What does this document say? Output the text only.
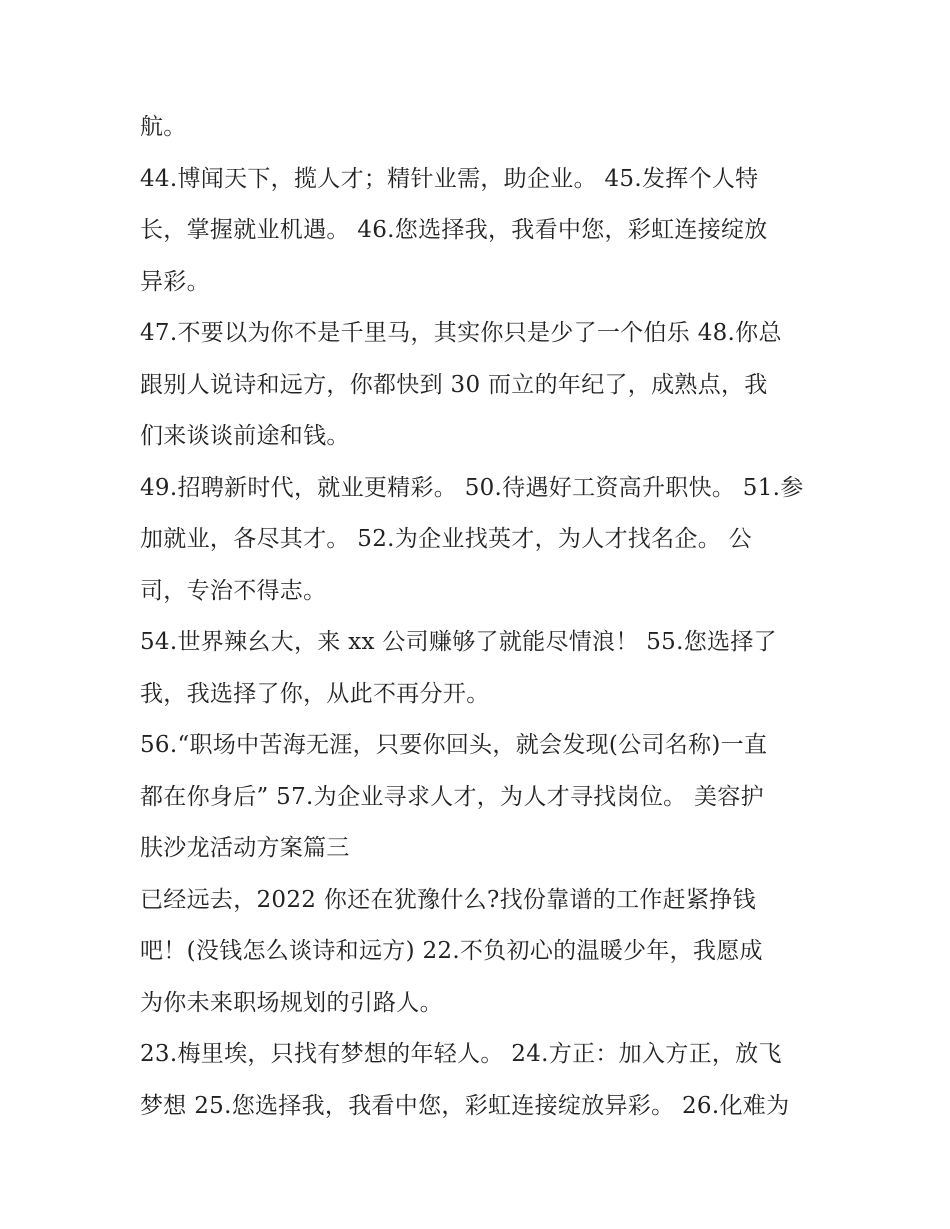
航。
44.博闻天下，揽人才；精针业需，助企业。 45.发挥个人特
长，掌握就业机遇。 46.您选择我，我看中您，彩虹连接绽放
异彩。
47.不要以为你不是千里马，其实你只是少了一个伯乐 48.你总
跟别人说诗和远方，你都快到 30 而立的年纪了，成熟点，我
们来谈谈前途和钱。
49.招聘新时代，就业更精彩。 50.待遇好工资高升职快。 51.参
加就业，各尽其才。 52.为企业找英才，为人才找名企。 公
司，专治不得志。
54.世界辣幺大，来 xx 公司赚够了就能尽情浪！ 55.您选择了
我，我选择了你，从此不再分开。
56.“职场中苦海无涯，只要你回头，就会发现(公司名称)一直
都在你身后” 57.为企业寻求人才，为人才寻找岗位。 美容护
肤沙龙活动方案篇三
已经远去，2022 你还在犹豫什么?找份靠谱的工作赶紧挣钱
吧！(没钱怎么谈诗和远方) 22.不负初心的温暖少年，我愿成
为你未来职场规划的引路人。
23.梅里埃，只找有梦想的年轻人。 24.方正：加入方正，放飞
梦想 25.您选择我，我看中您，彩虹连接绽放异彩。 26.化难为
